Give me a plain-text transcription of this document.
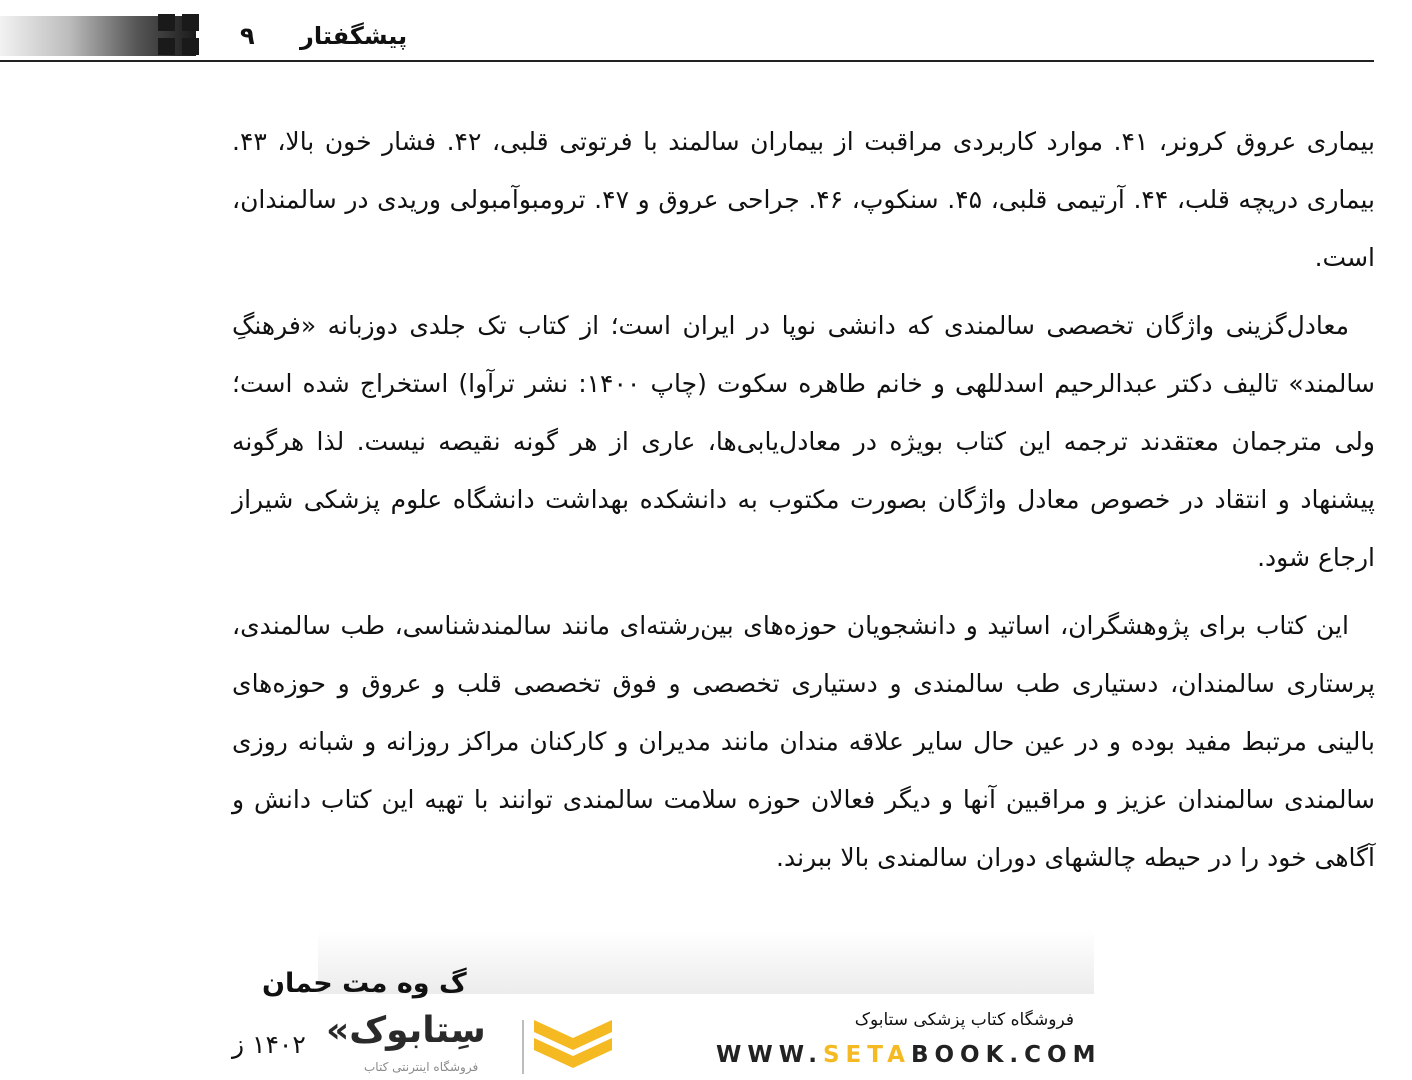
پیشگفتار
۹

بیماری عروق کرونر، ۴۱. موارد کاربردی مراقبت از بیماران سالمند با فرتوتی قلبی، ۴۲. فشار خون بالا، ۴۳. بیماری دریچه قلب، ۴۴. آرتیمی قلبی، ۴۵. سنکوپ، ۴۶. جراحی عروق و ۴۷. ترومبوآمبولی وریدی در سالمندان، است.

معادل‌گزینی واژگان تخصصی سالمندی که دانشی نوپا در ایران است؛ از کتاب تک جلدی دوزبانه «فرهنگِ سالمند» تالیف دکتر عبدالرحیم اسدللهی و خانم طاهره سکوت (چاپ ۱۴۰۰: نشر ترآوا) استخراج شده است؛ ولی مترجمان معتقدند ترجمه این کتاب بویژه در معادل‌یابی‌ها، عاری از هر گونه نقیصه نیست. لذا هرگونه پیشنهاد و انتقاد در خصوص معادل واژگان بصورت مکتوب به دانشکده بهداشت دانشگاه علوم پزشکی شیراز ارجاع شود.

این کتاب برای پژوهشگران، اساتید و دانشجویان حوزه‌های بین‌رشته‌ای مانند سالمندشناسی، طب سالمندی، پرستاری سالمندان، دستیاری طب سالمندی و دستیاری تخصصی و فوق تخصصی قلب و عروق و حوزه‌های بالینی مرتبط مفید بوده و در عین حال سایر علاقه مندان مانند مدیران و کارکنان مراکز روزانه و شبانه روزی سالمندی سالمندان عزیز و مراقبین آنها و دیگر فعالان حوزه سلامت سالمندی توانند با تهیه این کتاب دانش و آگاهی خود را در حیطه چالشهای دوران سالمندی بالا ببرند.

گ وه مت حمان
۱۴۰۲ ز «سِتابوک
فروشگاه اینترنتی کتاب
فروشگاه کتاب پزشکی ستابوک
WWW.SETABOOK.COM
